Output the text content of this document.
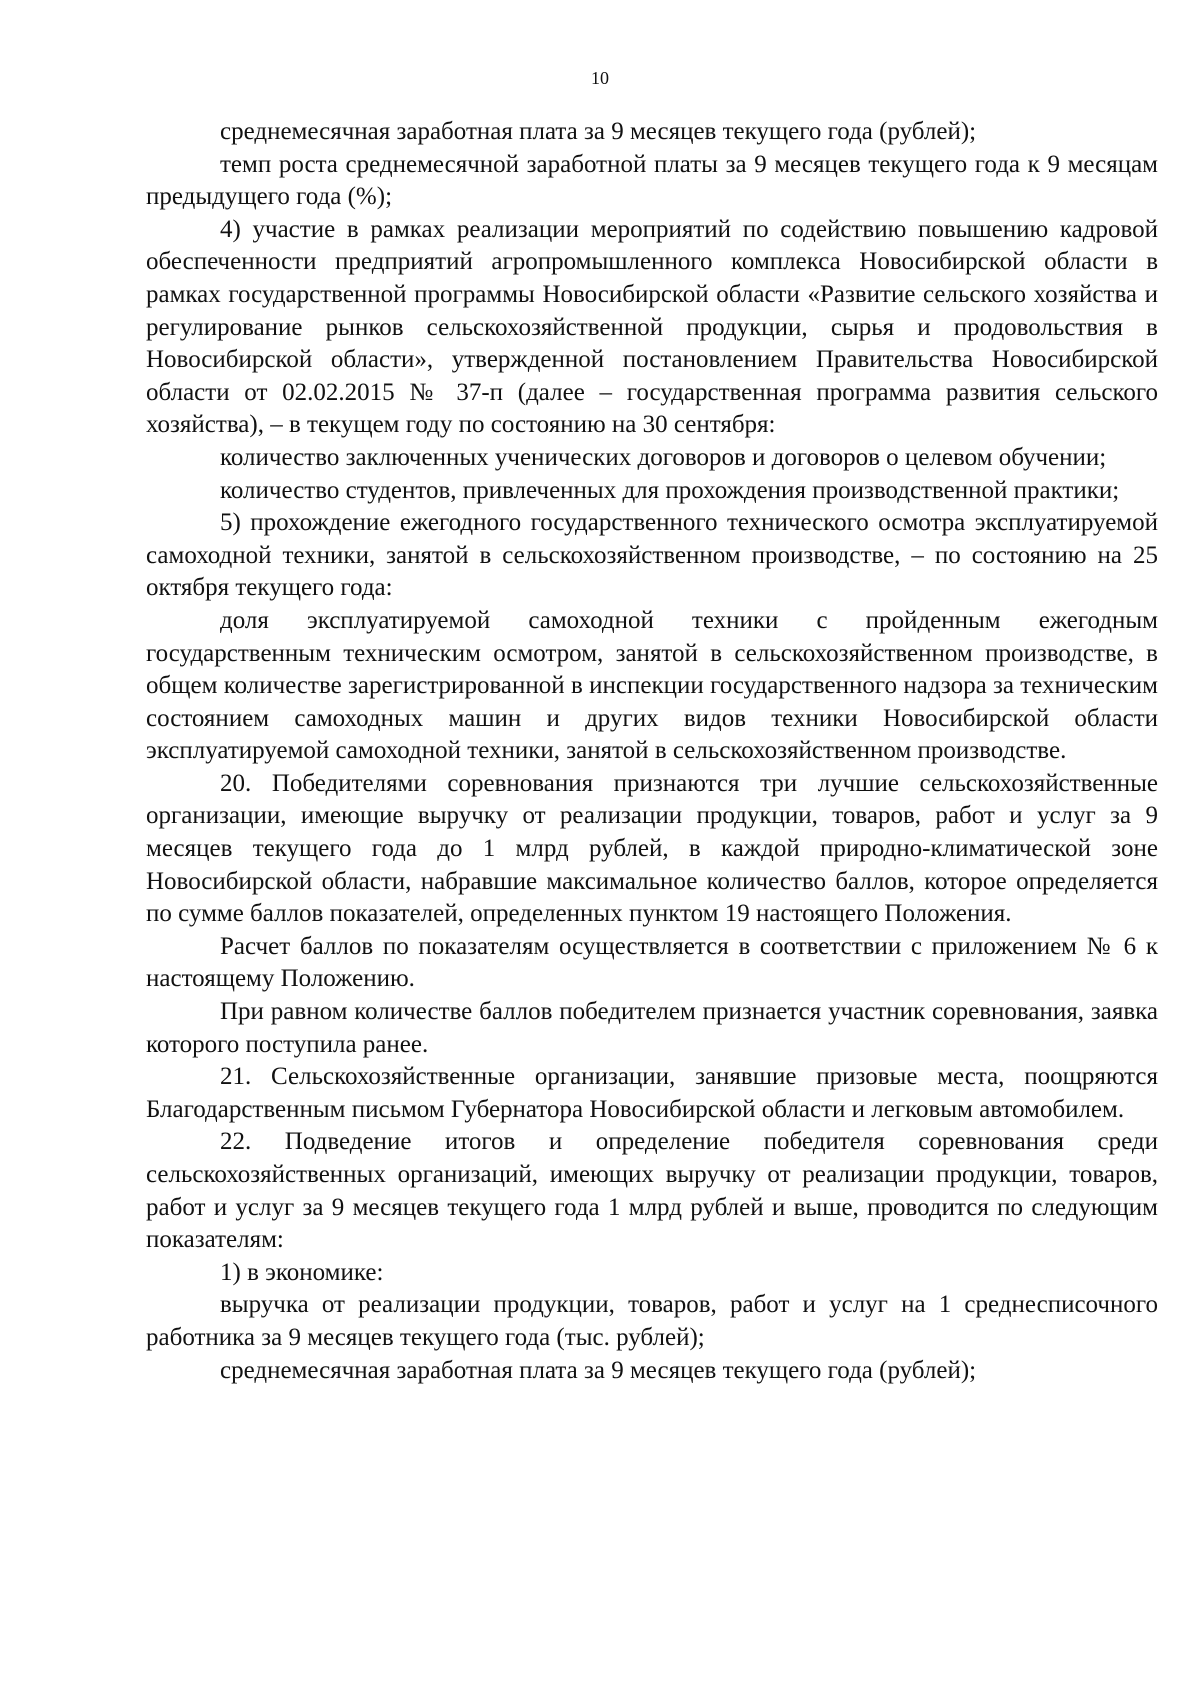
10

среднемесячная заработная плата за 9 месяцев текущего года (рублей);

темп роста среднемесячной заработной платы за 9 месяцев текущего года к 9 месяцам предыдущего года (%);

4) участие в рамках реализации мероприятий по содействию повышению кадровой обеспеченности предприятий агропромышленного комплекса Новосибирской области в рамках государственной программы Новосибирской области «Развитие сельского хозяйства и регулирование рынков сельскохозяйственной продукции, сырья и продовольствия в Новосибирской области», утвержденной постановлением Правительства Новосибирской области от 02.02.2015 № 37-п (далее – государственная программа развития сельского хозяйства), – в текущем году по состоянию на 30 сентября:

количество заключенных ученических договоров и договоров о целевом обучении;

количество студентов, привлеченных для прохождения производственной практики;

5) прохождение ежегодного государственного технического осмотра эксплуатируемой самоходной техники, занятой в сельскохозяйственном производстве, – по состоянию на 25 октября текущего года:

доля эксплуатируемой самоходной техники с пройденным ежегодным государственным техническим осмотром, занятой в сельскохозяйственном производстве, в общем количестве зарегистрированной в инспекции государственного надзора за техническим состоянием самоходных машин и других видов техники Новосибирской области эксплуатируемой самоходной техники, занятой в сельскохозяйственном производстве.

20. Победителями соревнования признаются три лучшие сельскохозяйственные организации, имеющие выручку от реализации продукции, товаров, работ и услуг за 9 месяцев текущего года до 1 млрд рублей, в каждой природно-климатической зоне Новосибирской области, набравшие максимальное количество баллов, которое определяется по сумме баллов показателей, определенных пунктом 19 настоящего Положения.

Расчет баллов по показателям осуществляется в соответствии с приложением № 6 к настоящему Положению.

При равном количестве баллов победителем признается участник соревнования, заявка которого поступила ранее.

21. Сельскохозяйственные организации, занявшие призовые места, поощряются Благодарственным письмом Губернатора Новосибирской области и легковым автомобилем.

22. Подведение итогов и определение победителя соревнования среди сельскохозяйственных организаций, имеющих выручку от реализации продукции, товаров, работ и услуг за 9 месяцев текущего года 1 млрд рублей и выше, проводится по следующим показателям:

1) в экономике:

выручка от реализации продукции, товаров, работ и услуг на 1 среднесписочного работника за 9 месяцев текущего года (тыс. рублей);

среднемесячная заработная плата за 9 месяцев текущего года (рублей);
